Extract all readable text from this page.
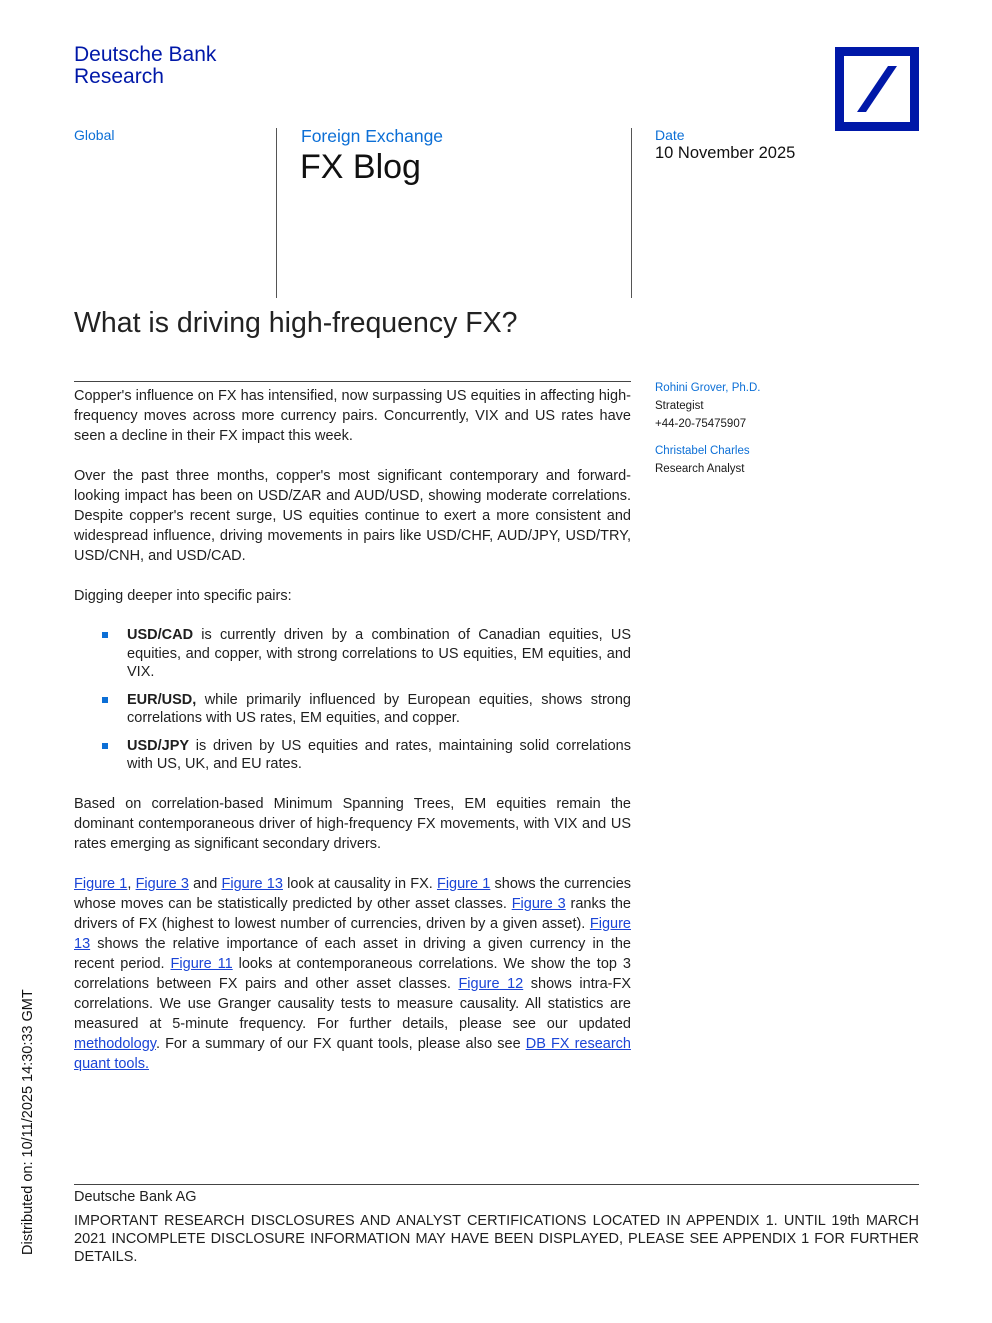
Deutsche Bank
Research
Global	Foreign Exchange
FX Blog
Date
10 November 2025
What is driving high-frequency FX?
Rohini Grover, Ph.D.
Strategist
+44-20-75475907
Christabel Charles
Research Analyst

Copper's influence on FX has intensified, now surpassing US equities in affecting high-frequency moves across more currency pairs. Concurrently, VIX and US rates have seen a decline in their FX impact this week.

Over the past three months, copper's most significant contemporary and forward-looking impact has been on USD/ZAR and AUD/USD, showing moderate correlations. Despite copper's recent surge, US equities continue to exert a more consistent and widespread influence, driving movements in pairs like USD/CHF, AUD/JPY, USD/TRY, USD/CNH, and USD/CAD.

Digging deeper into specific pairs:

USD/CAD is currently driven by a combination of Canadian equities, US equities, and copper, with strong correlations to US equities, EM equities, and VIX.
EUR/USD, while primarily influenced by European equities, shows strong correlations with US rates, EM equities, and copper.
USD/JPY is driven by US equities and rates, maintaining solid correlations with US, UK, and EU rates.

Based on correlation-based Minimum Spanning Trees, EM equities remain the dominant contemporaneous driver of high-frequency FX movements, with VIX and US rates emerging as significant secondary drivers.

Figure 1, Figure 3 and Figure 13 look at causality in FX. Figure 1 shows the currencies whose moves can be statistically predicted by other asset classes. Figure 3 ranks the drivers of FX (highest to lowest number of currencies, driven by a given asset). Figure 13 shows the relative importance of each asset in driving a given currency in the recent period. Figure 11 looks at contemporaneous correlations. We show the top 3 correlations between FX pairs and other asset classes. Figure 12 shows intra-FX correlations. We use Granger causality tests to measure causality. All statistics are measured at 5-minute frequency. For further details, please see our updated methodology. For a summary of our FX quant tools, please also see DB FX research quant tools.

Deutsche Bank AG
IMPORTANT RESEARCH DISCLOSURES AND ANALYST CERTIFICATIONS LOCATED IN APPENDIX 1. UNTIL 19th MARCH 2021 INCOMPLETE DISCLOSURE INFORMATION MAY HAVE BEEN DISPLAYED, PLEASE SEE APPENDIX 1 FOR FURTHER DETAILS.
Distributed on: 10/11/2025 14:30:33 GMT
